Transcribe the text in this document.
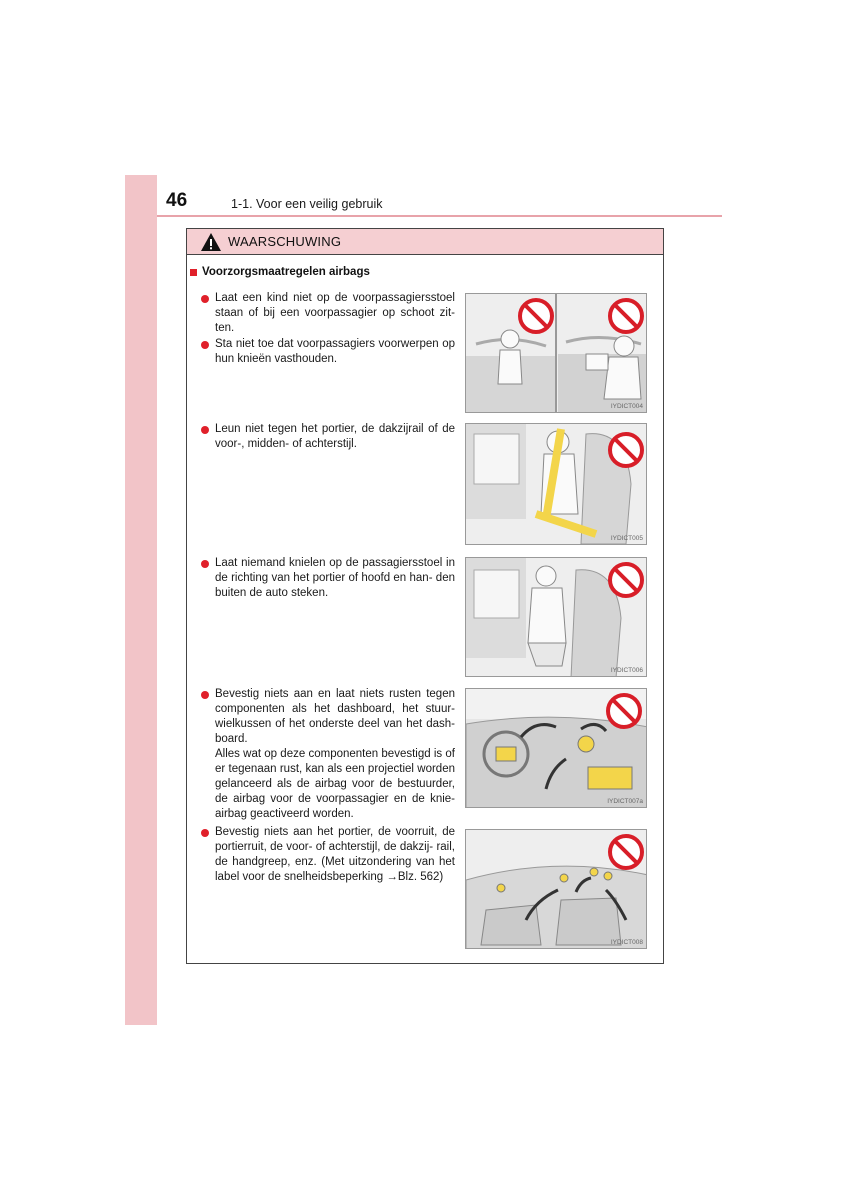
46	1-1. Voor een veilig gebruik
WAARSCHUWING
Voorzorgsmaatregelen airbags
Laat een kind niet op de voorpassagiersstoel staan of bij een voorpassagier op schoot zit- ten.
Sta niet toe dat voorpassagiers voorwerpen op hun knieën vasthouden.
Leun niet tegen het portier, de dakzijrail of de voor-, midden- of achterstijl.
Laat niemand knielen op de passagiersstoel in de richting van het portier of hoofd en han- den buiten de auto steken.
Bevestig niets aan en laat niets rusten tegen componenten als het dashboard, het stuur- wielkussen of het onderste deel van het dash- board.
Alles wat op deze componenten bevestigd is of er tegenaan rust, kan als een projectiel worden gelanceerd als de airbag voor de bestuurder, de airbag voor de voorpassagier en de knie-airbag geactiveerd worden.
Bevestig niets aan het portier, de voorruit, de portierruit, de voor- of achterstijl, de dakzij- rail, de handgreep, enz. (Met uitzondering van het label voor de snelheidsbeperking →Blz. 562)
IYDICT004
IYDICT005
IYDICT006
IYDICT007a
IYDICT008
